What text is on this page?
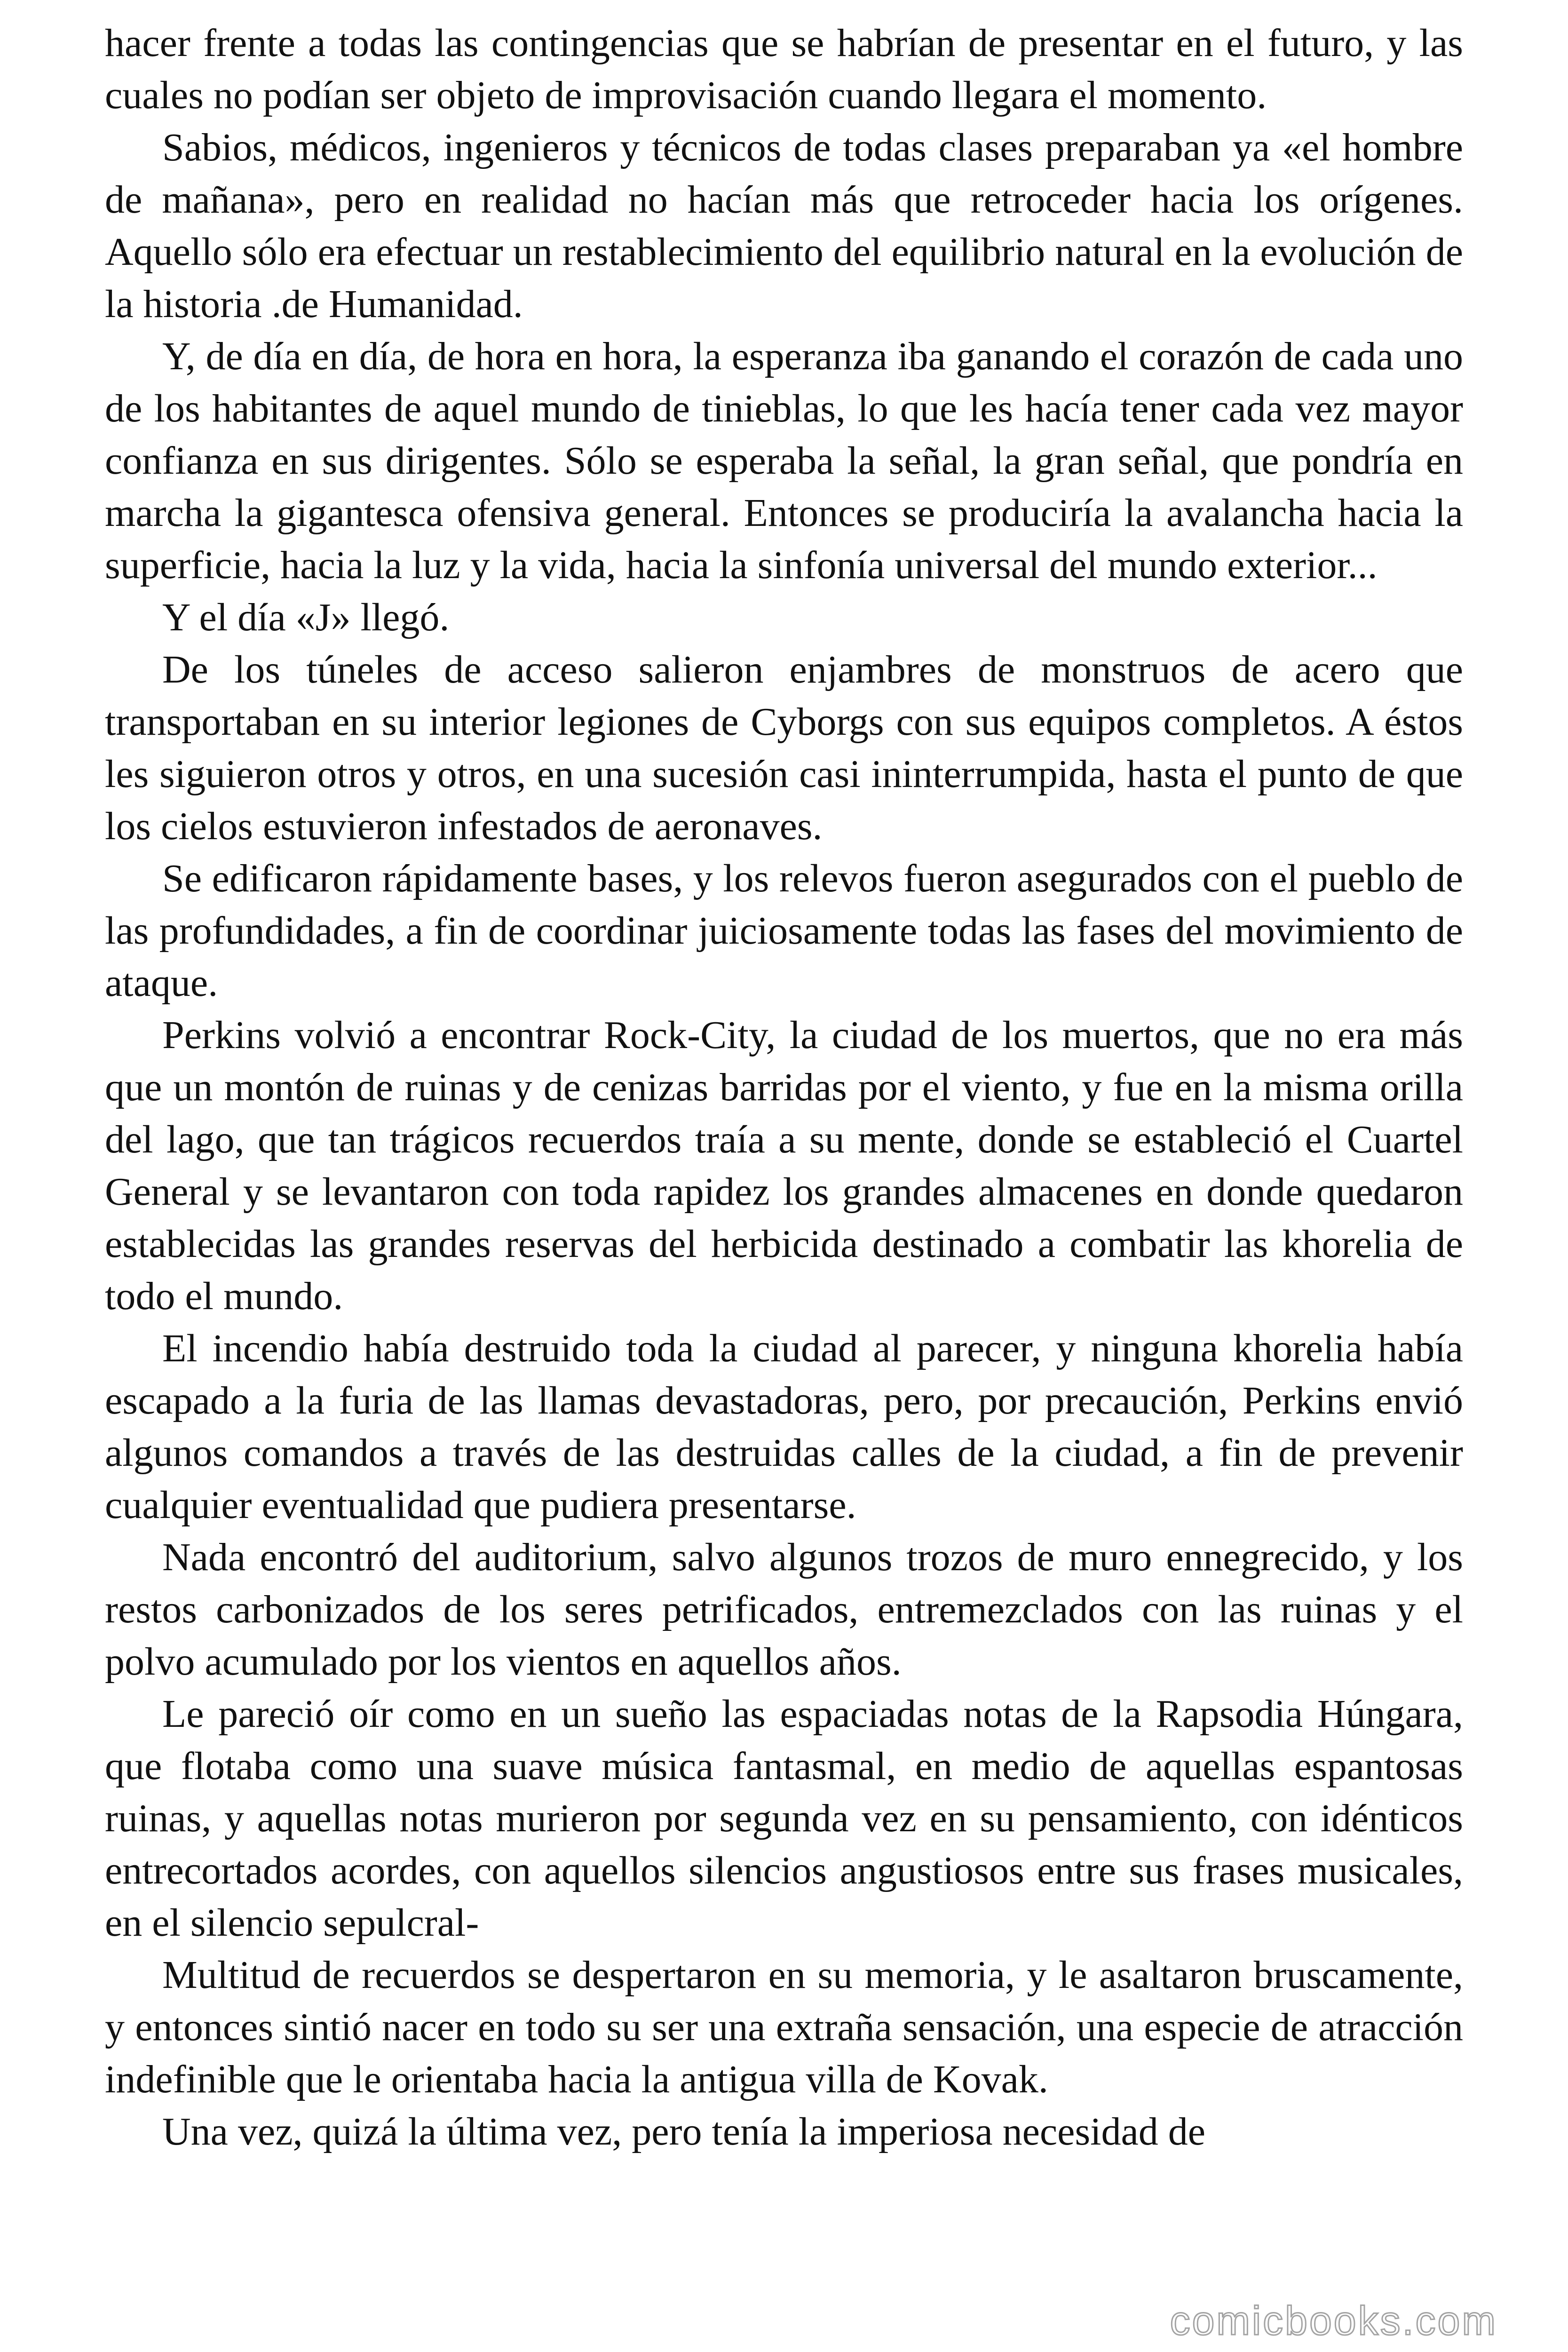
hacer frente a todas las contingencias que se habrían de presentar en el futuro, y las cuales no podían ser objeto de improvisación cuando llegara el momento.

Sabios, médicos, ingenieros y técnicos de todas clases preparaban ya «el hombre de mañana», pero en realidad no hacían más que retroceder hacia los orígenes. Aquello sólo era efectuar un restablecimiento del equilibrio natural en la evolución de la historia .de Humanidad.

Y, de día en día, de hora en hora, la esperanza iba ganando el corazón de cada uno de los habitantes de aquel mundo de tinieblas, lo que les hacía tener cada vez mayor confianza en sus dirigentes. Sólo se esperaba la señal, la gran señal, que pondría en marcha la gigantesca ofensiva general. Entonces se produciría la avalancha hacia la superficie, hacia la luz y la vida, hacia la sinfonía universal del mundo exterior...

Y el día «J» llegó.

De los túneles de acceso salieron enjambres de monstruos de acero que transportaban en su interior legiones de Cyborgs con sus equipos completos. A éstos les siguieron otros y otros, en una sucesión casi ininterrumpida, hasta el punto de que los cielos estuvieron infestados de aeronaves.

Se edificaron rápidamente bases, y los relevos fueron asegurados con el pueblo de las profundidades, a fin de coordinar juiciosamente todas las fases del movimiento de ataque.

Perkins volvió a encontrar Rock-City, la ciudad de los muertos, que no era más que un montón de ruinas y de cenizas barridas por el viento, y fue en la misma orilla del lago, que tan trágicos recuerdos traía a su mente, donde se estableció el Cuartel General y se levantaron con toda rapidez los grandes almacenes en donde quedaron establecidas las grandes reservas del herbicida destinado a combatir las khorelia de todo el mundo.

El incendio había destruido toda la ciudad al parecer, y ninguna khorelia había escapado a la furia de las llamas devastadoras, pero, por precaución, Perkins envió algunos comandos a través de las destruidas calles de la ciudad, a fin de prevenir cualquier eventualidad que pudiera presentarse.

Nada encontró del auditorium, salvo algunos trozos de muro ennegrecido, y los restos carbonizados de los seres petrificados, entremezclados con las ruinas y el polvo acumulado por los vientos en aquellos años.

Le pareció oír como en un sueño las espaciadas notas de la Rapsodia Húngara, que flotaba como una suave música fantasmal, en medio de aquellas espantosas ruinas, y aquellas notas murieron por segunda vez en su pensamiento, con idénticos entrecortados acordes, con aquellos silencios angustiosos entre sus frases musicales, en el silencio sepulcral-

Multitud de recuerdos se despertaron en su memoria, y le asaltaron bruscamente, y entonces sintió nacer en todo su ser una extraña sensación, una especie de atracción indefinible que le orientaba hacia la antigua villa de Kovak.

Una vez, quizá la última vez, pero tenía la imperiosa necesidad de

comicbooks.com
